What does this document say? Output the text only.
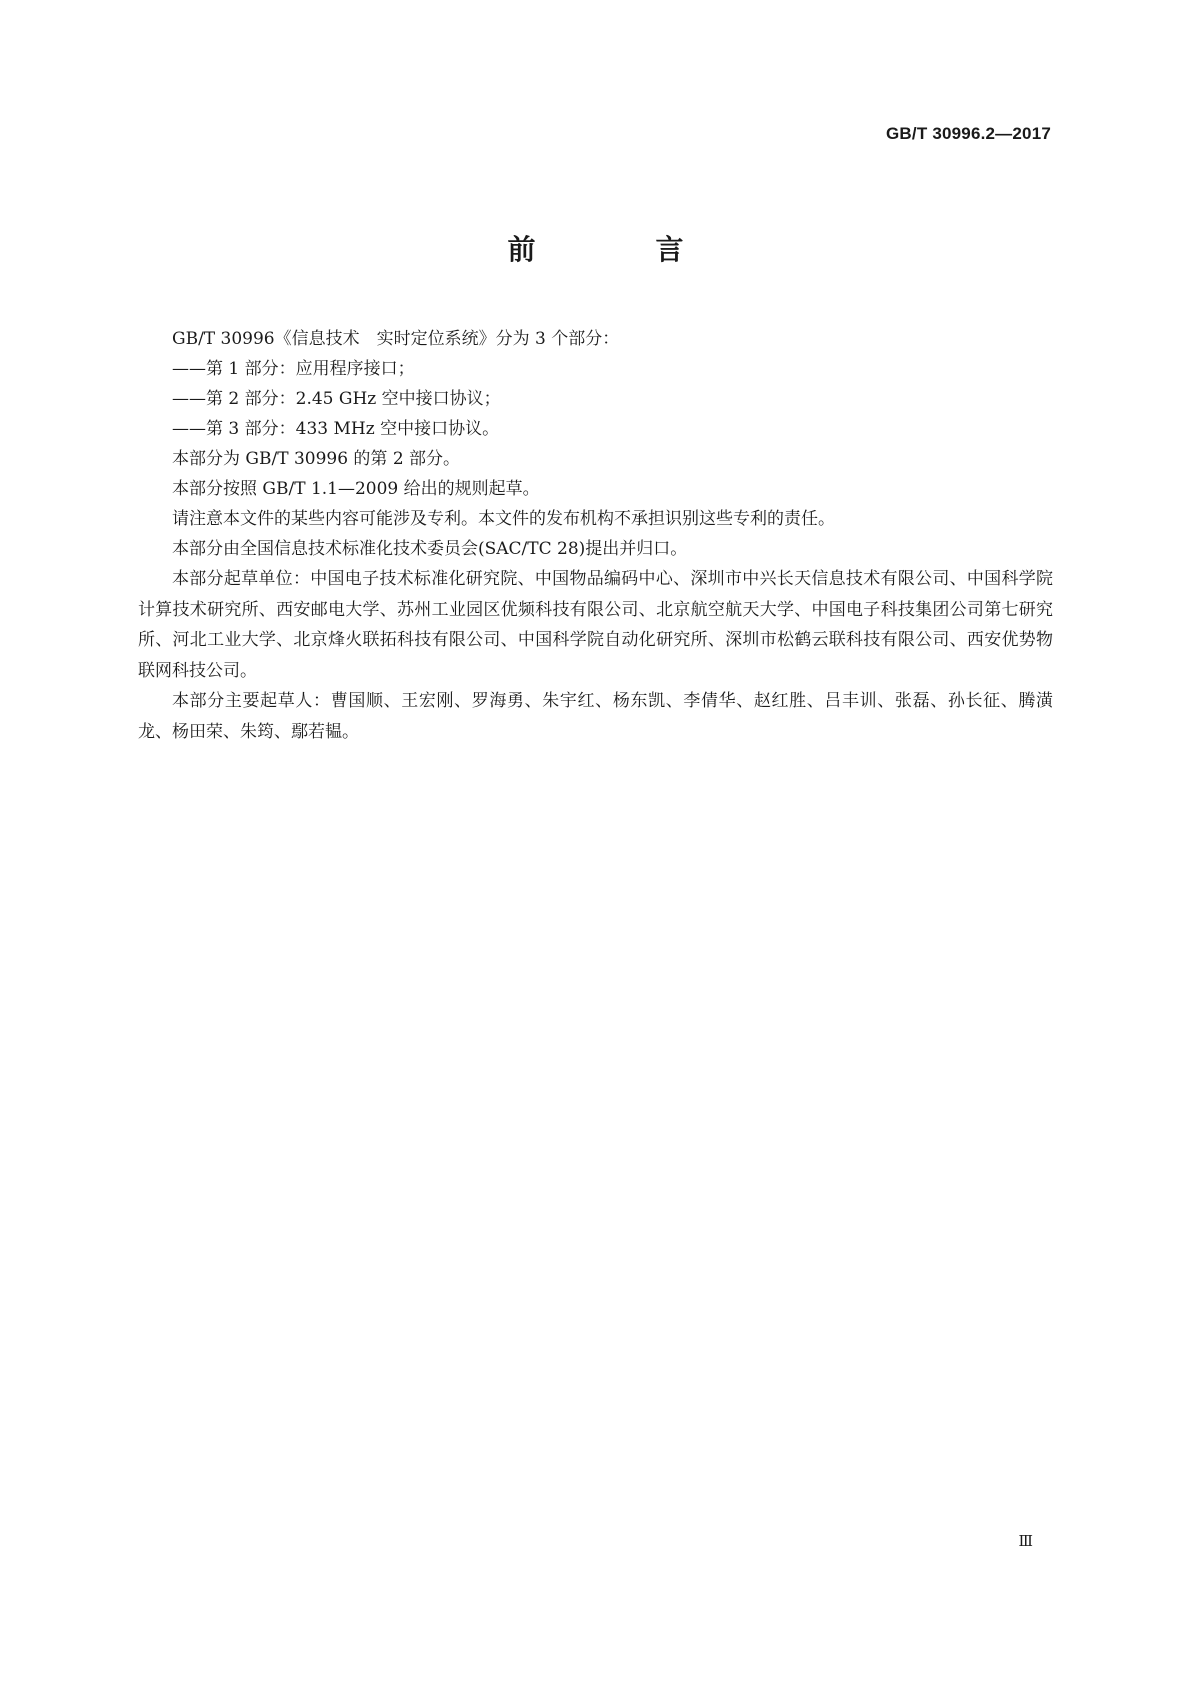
GB/T 30996.2—2017
前　言

GB/T 30996《信息技术　实时定位系统》分为 3 个部分：

——第 1 部分：应用程序接口；

——第 2 部分：2.45 GHz 空中接口协议；

——第 3 部分：433 MHz 空中接口协议。

本部分为 GB/T 30996 的第 2 部分。

本部分按照 GB/T 1.1—2009 给出的规则起草。

请注意本文件的某些内容可能涉及专利。本文件的发布机构不承担识别这些专利的责任。

本部分由全国信息技术标准化技术委员会(SAC/TC 28)提出并归口。

本部分起草单位：中国电子技术标准化研究院、中国物品编码中心、深圳市中兴长天信息技术有限公司、中国科学院计算技术研究所、西安邮电大学、苏州工业园区优频科技有限公司、北京航空航天大学、中国电子科技集团公司第七研究所、河北工业大学、北京烽火联拓科技有限公司、中国科学院自动化研究所、深圳市松鹤云联科技有限公司、西安优势物联网科技公司。

本部分主要起草人：曹国顺、王宏刚、罗海勇、朱宇红、杨东凯、李倩华、赵红胜、吕丰训、张磊、孙长征、腾潢龙、杨田荣、朱筠、鄢若韫。

Ⅲ
